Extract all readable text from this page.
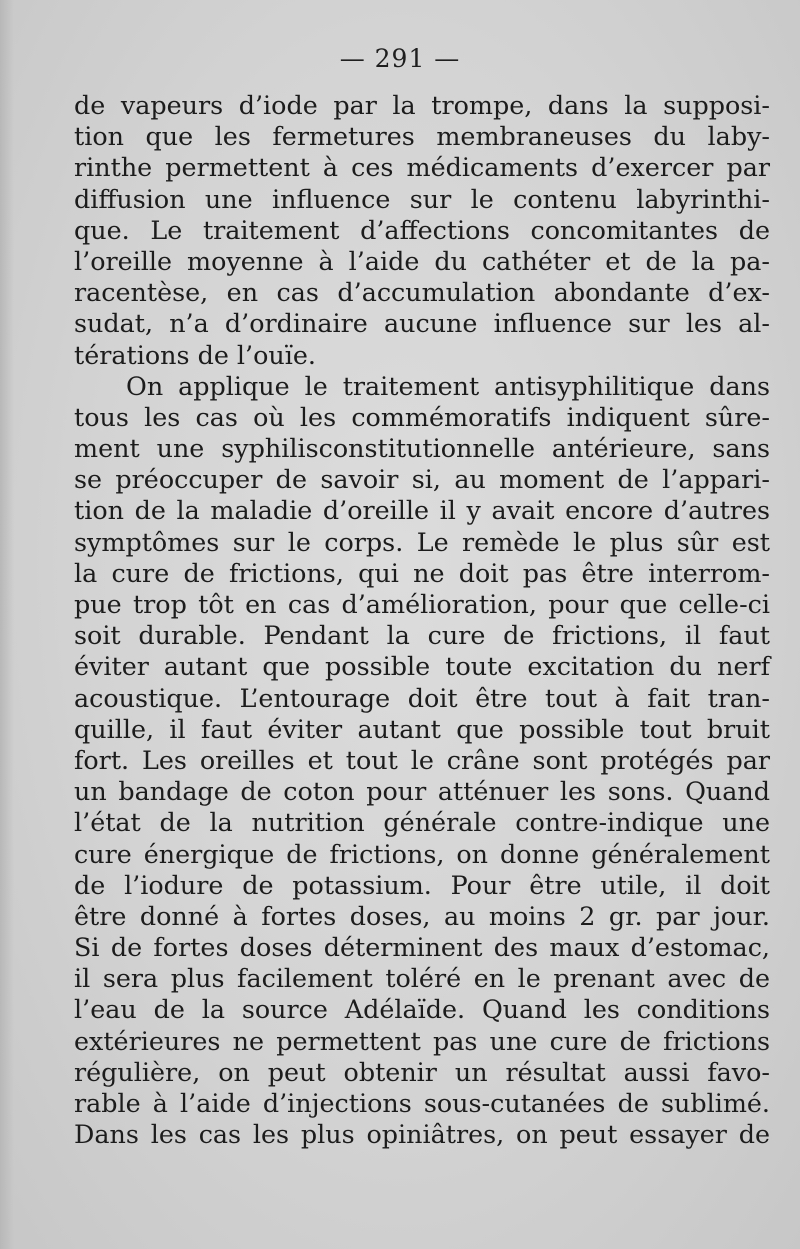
— 291 —
de vapeurs d’iode par la trompe, dans la supposi-
tion que les fermetures membraneuses du laby-
rinthe permettent à ces médicaments d’exercer par
diffusion une influence sur le contenu labyrinthi-
que. Le traitement d’affections concomitantes de
l’oreille moyenne à l’aide du cathéter et de la pa-
racentèse, en cas d’accumulation abondante d’ex-
sudat, n’a d’ordinaire aucune influence sur les al-
térations de l’ouïe.
On applique le traitement antisyphilitique dans
tous les cas où les commémoratifs indiquent sûre-
ment une syphilisconstitutionnelle antérieure, sans
se préoccuper de savoir si, au moment de l’appari-
tion de la maladie d’oreille il y avait encore d’autres
symptômes sur le corps. Le remède le plus sûr est
la cure de frictions, qui ne doit pas être interrom-
pue trop tôt en cas d’amélioration, pour que celle-ci
soit durable. Pendant la cure de frictions, il faut
éviter autant que possible toute excitation du nerf
acoustique. L’entourage doit être tout à fait tran-
quille, il faut éviter autant que possible tout bruit
fort. Les oreilles et tout le crâne sont protégés par
un bandage de coton pour atténuer les sons. Quand
l’état de la nutrition générale contre-indique une
cure énergique de frictions, on donne généralement
de l’iodure de potassium. Pour être utile, il doit
être donné à fortes doses, au moins 2 gr. par jour.
Si de fortes doses déterminent des maux d’estomac,
il sera plus facilement toléré en le prenant avec de
l’eau de la source Adélaïde. Quand les conditions
extérieures ne permettent pas une cure de frictions
régulière, on peut obtenir un résultat aussi favo-
rable à l’aide d’injections sous-cutanées de sublimé.
Dans les cas les plus opiniâtres, on peut essayer de
